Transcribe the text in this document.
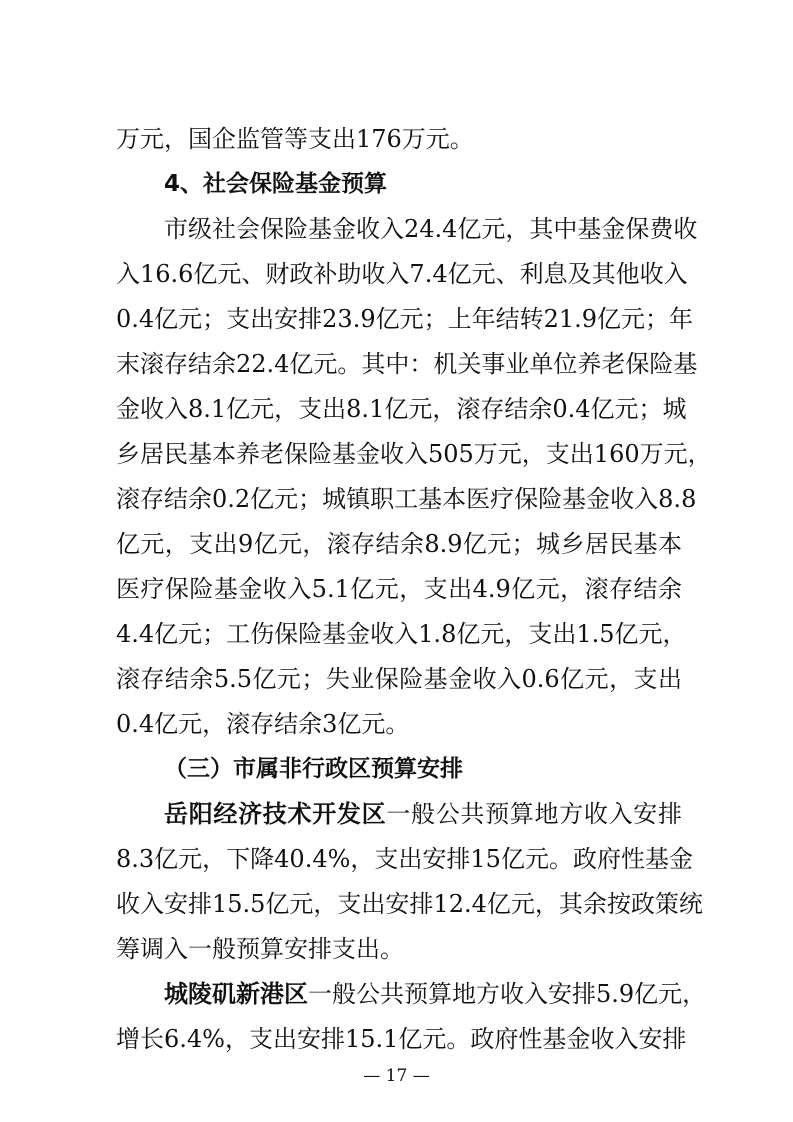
万元，国企监管等支出176万元。
4、社会保险基金预算
市级社会保险基金收入24.4亿元，其中基金保费收
入16.6亿元、财政补助收入7.4亿元、利息及其他收入
0.4亿元；支出安排23.9亿元；上年结转21.9亿元；年
末滚存结余22.4亿元。其中：机关事业单位养老保险基
金收入8.1亿元，支出8.1亿元，滚存结余0.4亿元；城
乡居民基本养老保险基金收入505万元，支出160万元，
滚存结余0.2亿元；城镇职工基本医疗保险基金收入8.8
亿元，支出9亿元，滚存结余8.9亿元；城乡居民基本
医疗保险基金收入5.1亿元，支出4.9亿元，滚存结余
4.4亿元；工伤保险基金收入1.8亿元，支出1.5亿元，
滚存结余5.5亿元；失业保险基金收入0.6亿元，支出
0.4亿元，滚存结余3亿元。
（三）市属非行政区预算安排
岳阳经济技术开发区一般公共预算地方收入安排
8.3亿元，下降40.4%，支出安排15亿元。政府性基金
收入安排15.5亿元，支出安排12.4亿元，其余按政策统
筹调入一般预算安排支出。
城陵矶新港区一般公共预算地方收入安排5.9亿元，
增长6.4%，支出安排15.1亿元。政府性基金收入安排
— 17 —
